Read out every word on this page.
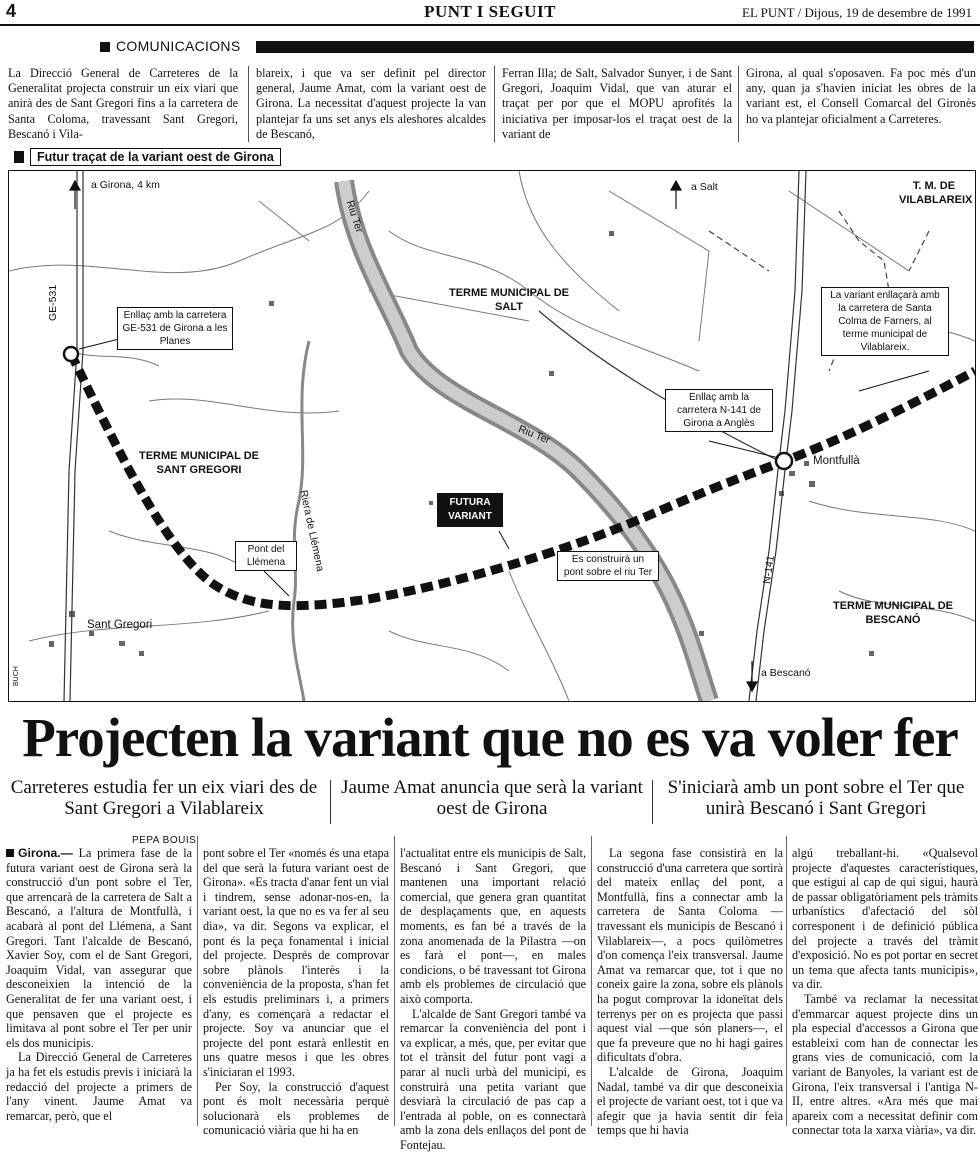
4	PUNT I SEGUIT	EL PUNT / Dijous, 19 de desembre de 1991
COMUNICACIONS
La Direcció General de Carreteres de la Generalitat projecta construir un eix viari que anirà des de Sant Gregori fins a la carretera de Santa Coloma, travessant Sant Gregori, Bescanó i Vila-
blareix, i que va ser definit pel director general, Jaume Amat, com la variant oest de Girona. La necessitat d'aquest projecte la van plantejar fa uns set anys els aleshores alcaldes de Bescanó,
Ferran Illa; de Salt, Salvador Sunyer, i de Sant Gregori, Joaquim Vidal, que van aturar el traçat per por que el MOPU aprofités la iniciativa per imposar-los el traçat oest de la variant de
Girona, al qual s'oposaven. Fa poc més d'un any, quan ja s'havien iniciat les obres de la variant est, el Consell Comarcal del Gironès ho va plantejar oficialment a Carreteres.
Futur traçat de la variant oest de Girona
a Girona, 4 km
GE-531
Riu Ter
a Salt	T. M. DE VILABLAREIX
TERME MUNICIPAL DE SALT
TERME MUNICIPAL DE SANT GREGORI
Riu Ter
Riera de Llémena	FUTURA VARIANT
Montfullà
N-141
Sant Gregori
TERME MUNICIPAL DE BESCANÓ
a Bescanó
BUCH
Enllaç amb la carretera GE-531 de Girona a les Planes
La variant enllaçarà amb la carretera de Santa Colma de Farners, al terme municipal de Vilablareix.
Enllaç amb la carretera N-141 de Girona a Anglès
Pont del Llémena	Es construirà un pont sobre el riu Ter
Projecten la variant que no es va voler fer
Carreteres estudia fer un eix viari des de Sant Gregori a Vilablareix
Jaume Amat anuncia que serà la variant oest de Girona
S'iniciarà amb un pont sobre el Ter que unirà Bescanó i Sant Gregori
PEPA BOUIS

Girona.— La primera fase de la futura variant oest de Girona serà la construcció d'un pont sobre el Ter, que arrencarà de la carretera de Salt a Bescanó, a l'altura de Montfullà, i acabarà al pont del Llémena, a Sant Gregori. Tant l'alcalde de Bescanó, Xavier Soy, com el de Sant Gregori, Joaquim Vidal, van assegurar que desconeixien la intenció de la Generalitat de fer una variant oest, i que pensaven que el projecte es limitava al pont sobre el Ter per unir els dos municipis.

La Direcció General de Carreteres ja ha fet els estudis previs i iniciarà la redacció del projecte a primers de l'any vinent. Jaume Amat va remarcar, però, que el

pont sobre el Ter «només és una etapa del que serà la futura variant oest de Girona». «Es tracta d'anar fent un vial i tindrem, sense adonar-nos-en, la variant oest, la que no es va fer al seu dia», va dir. Segons va explicar, el pont és la peça fonamental i inicial del projecte. Després de comprovar sobre plànols l'interès i la conveniència de la proposta, s'han fet els estudis preliminars i, a primers d'any, es començarà a redactar el projecte. Soy va anunciar que el projecte del pont estarà enllestit en uns quatre mesos i que les obres s'iniciaran el 1993.

Per Soy, la construcció d'aquest pont és molt necessària perquè solucionarà els problemes de comunicació viària que hi ha en

l'actualitat entre els municipis de Salt, Bescanó i Sant Gregori, que mantenen una important relació comercial, que genera gran quantitat de desplaçaments que, en aquests moments, es fan bé a través de la zona anomenada de la Pilastra —on es farà el pont—, en males condicions, o bé travessant tot Girona amb els problemes de circulació que això comporta.

L'alcalde de Sant Gregori també va remarcar la conveniència del pont i va explicar, a més, que, per evitar que tot el trànsit del futur pont vagi a parar al nucli urbà del municipi, es construirà una petita variant que desviarà la circulació de pas cap a l'entrada al poble, on es connectarà amb la zona dels enllaços del pont de Fontejau.

La segona fase consistirà en la construcció d'una carretera que sortirà del mateix enllaç del pont, a Montfullà, fins a connectar amb la carretera de Santa Coloma —travessant els municipis de Bescanó i Vilablareix—, a pocs quilòmetres d'on comença l'eix transversal. Jaume Amat va remarcar que, tot i que no coneix gaire la zona, sobre els plànols ha pogut comprovar la idoneïtat dels terrenys per on es projecta que passi aquest vial —que són planers—, el que fa preveure que no hi hagi gaires dificultats d'obra.

L'alcalde de Girona, Joaquim Nadal, també va dir que desconeixia el projecte de variant oest, tot i que va afegir que ja havia sentit dir feia temps que hi havia

algú treballant-hi. «Qualsevol projecte d'aquestes característiques, que estigui al cap de qui sigui, haurà de passar obligatòriament pels tràmits urbanístics d'afectació del sòl corresponent i de definició pública del projecte a través del tràmit d'exposició. No es pot portar en secret un tema que afecta tants municipis», va dir.

També va reclamar la necessitat d'emmarcar aquest projecte dins un pla especial d'accessos a Girona que estableixi com han de connectar les grans vies de comunicació, com la variant de Banyoles, la variant est de Girona, l'eix transversal i l'antiga N-II, entre altres. «Ara més que mai apareix com a necessitat definir com connectar tota la xarxa viària», va dir.
